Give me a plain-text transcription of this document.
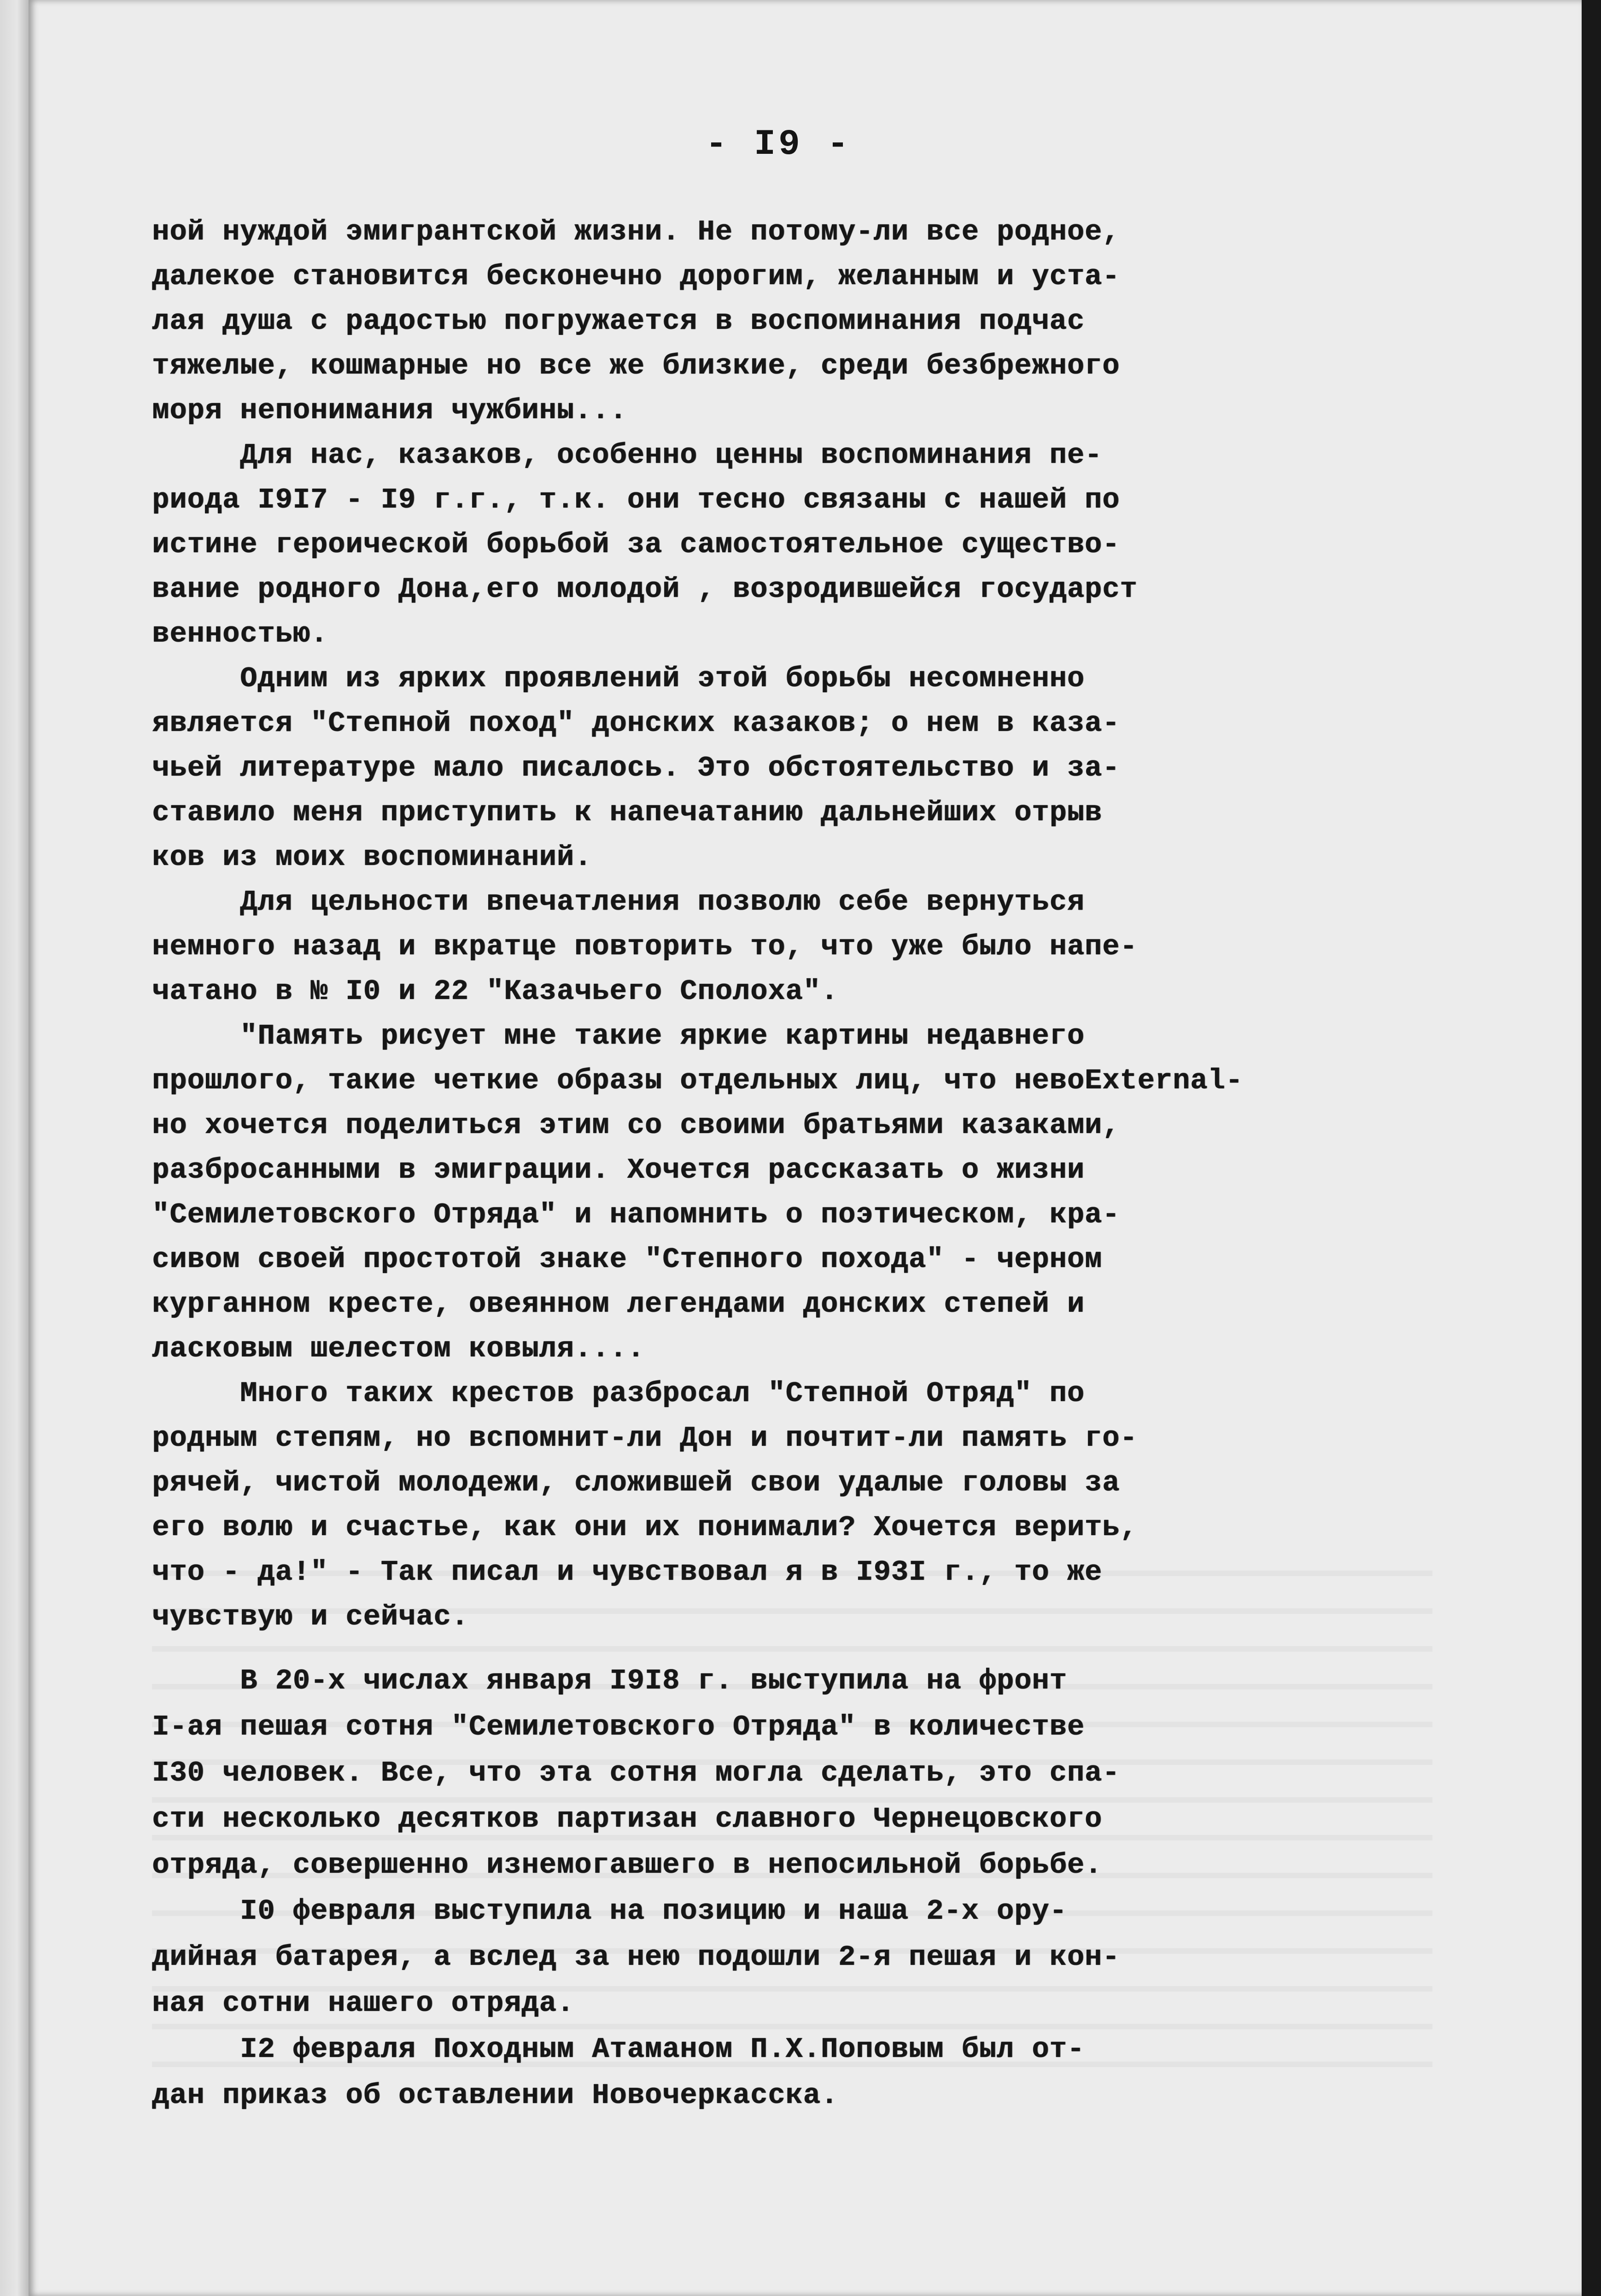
- I9 -
ной нуждой эмигрантской жизни. Не потому-ли все родное,
далекое становится бесконечно дорогим, желанным и уста-
лая душа с радостью погружается в воспоминания подчас
тяжелые, кошмарные но все же близкие, среди безбрежного
моря непонимания чужбины...
Для нас, казаков, особенно ценны воспоминания пе-
риода I9I7 - I9 г.г., т.к. они тесно связаны с нашей по
истине героической борьбой за самостоятельное существо-
вание родного Дона,его молодой , возродившейся государст
венностью.
Одним из ярких проявлений этой борьбы несомненно
является "Степной поход" донских казаков; о нем в каза-
чьей литературе мало писалось. Это обстоятельство и за-
ставило меня приступить к напечатанию дальнейших отрыв
ков из моих воспоминаний.
Для цельности впечатления позволю себе вернуться
немного назад и вкратце повторить то, что уже было напе-
чатано в № I0 и 22 "Казачьего Сполоха".
"Память рисует мне такие яркие картины недавнего
прошлого, такие четкие образы отдельных лиц, что невоExternal-
но хочется поделиться этим со своими братьями казаками,
разбросанными в эмиграции. Хочется рассказать о жизни
"Семилетовского Отряда" и напомнить о поэтическом, кра-
сивом своей простотой знаке "Степного похода" - черном
курганном кресте, овеянном легендами донских степей и
ласковым шелестом ковыля....
Много таких крестов разбросал "Степной Отряд" по
родным степям, но вспомнит-ли Дон и почтит-ли память го-
рячей, чистой молодежи, сложившей свои удалые головы за
его волю и счастье, как они их понимали? Хочется верить,
что - да!" - Так писал и чувствовал я в I93I г., то же
чувствую и сейчас.
В 20-х числах января I9I8 г. выступила на фронт
I-ая пешая сотня "Семилетовского Отряда" в количестве
I30 человек. Все, что эта сотня могла сделать, это спа-
сти несколько десятков партизан славного Чернецовского
отряда, совершенно изнемогавшего в непосильной борьбе.
I0 февраля выступила на позицию и наша 2-х ору-
дийная батарея, а вслед за нею подошли 2-я пешая и кон-
ная сотни нашего отряда.
I2 февраля Походным Атаманом П.Х.Поповым был от-
дан приказ об оставлении Новочеркасска.
